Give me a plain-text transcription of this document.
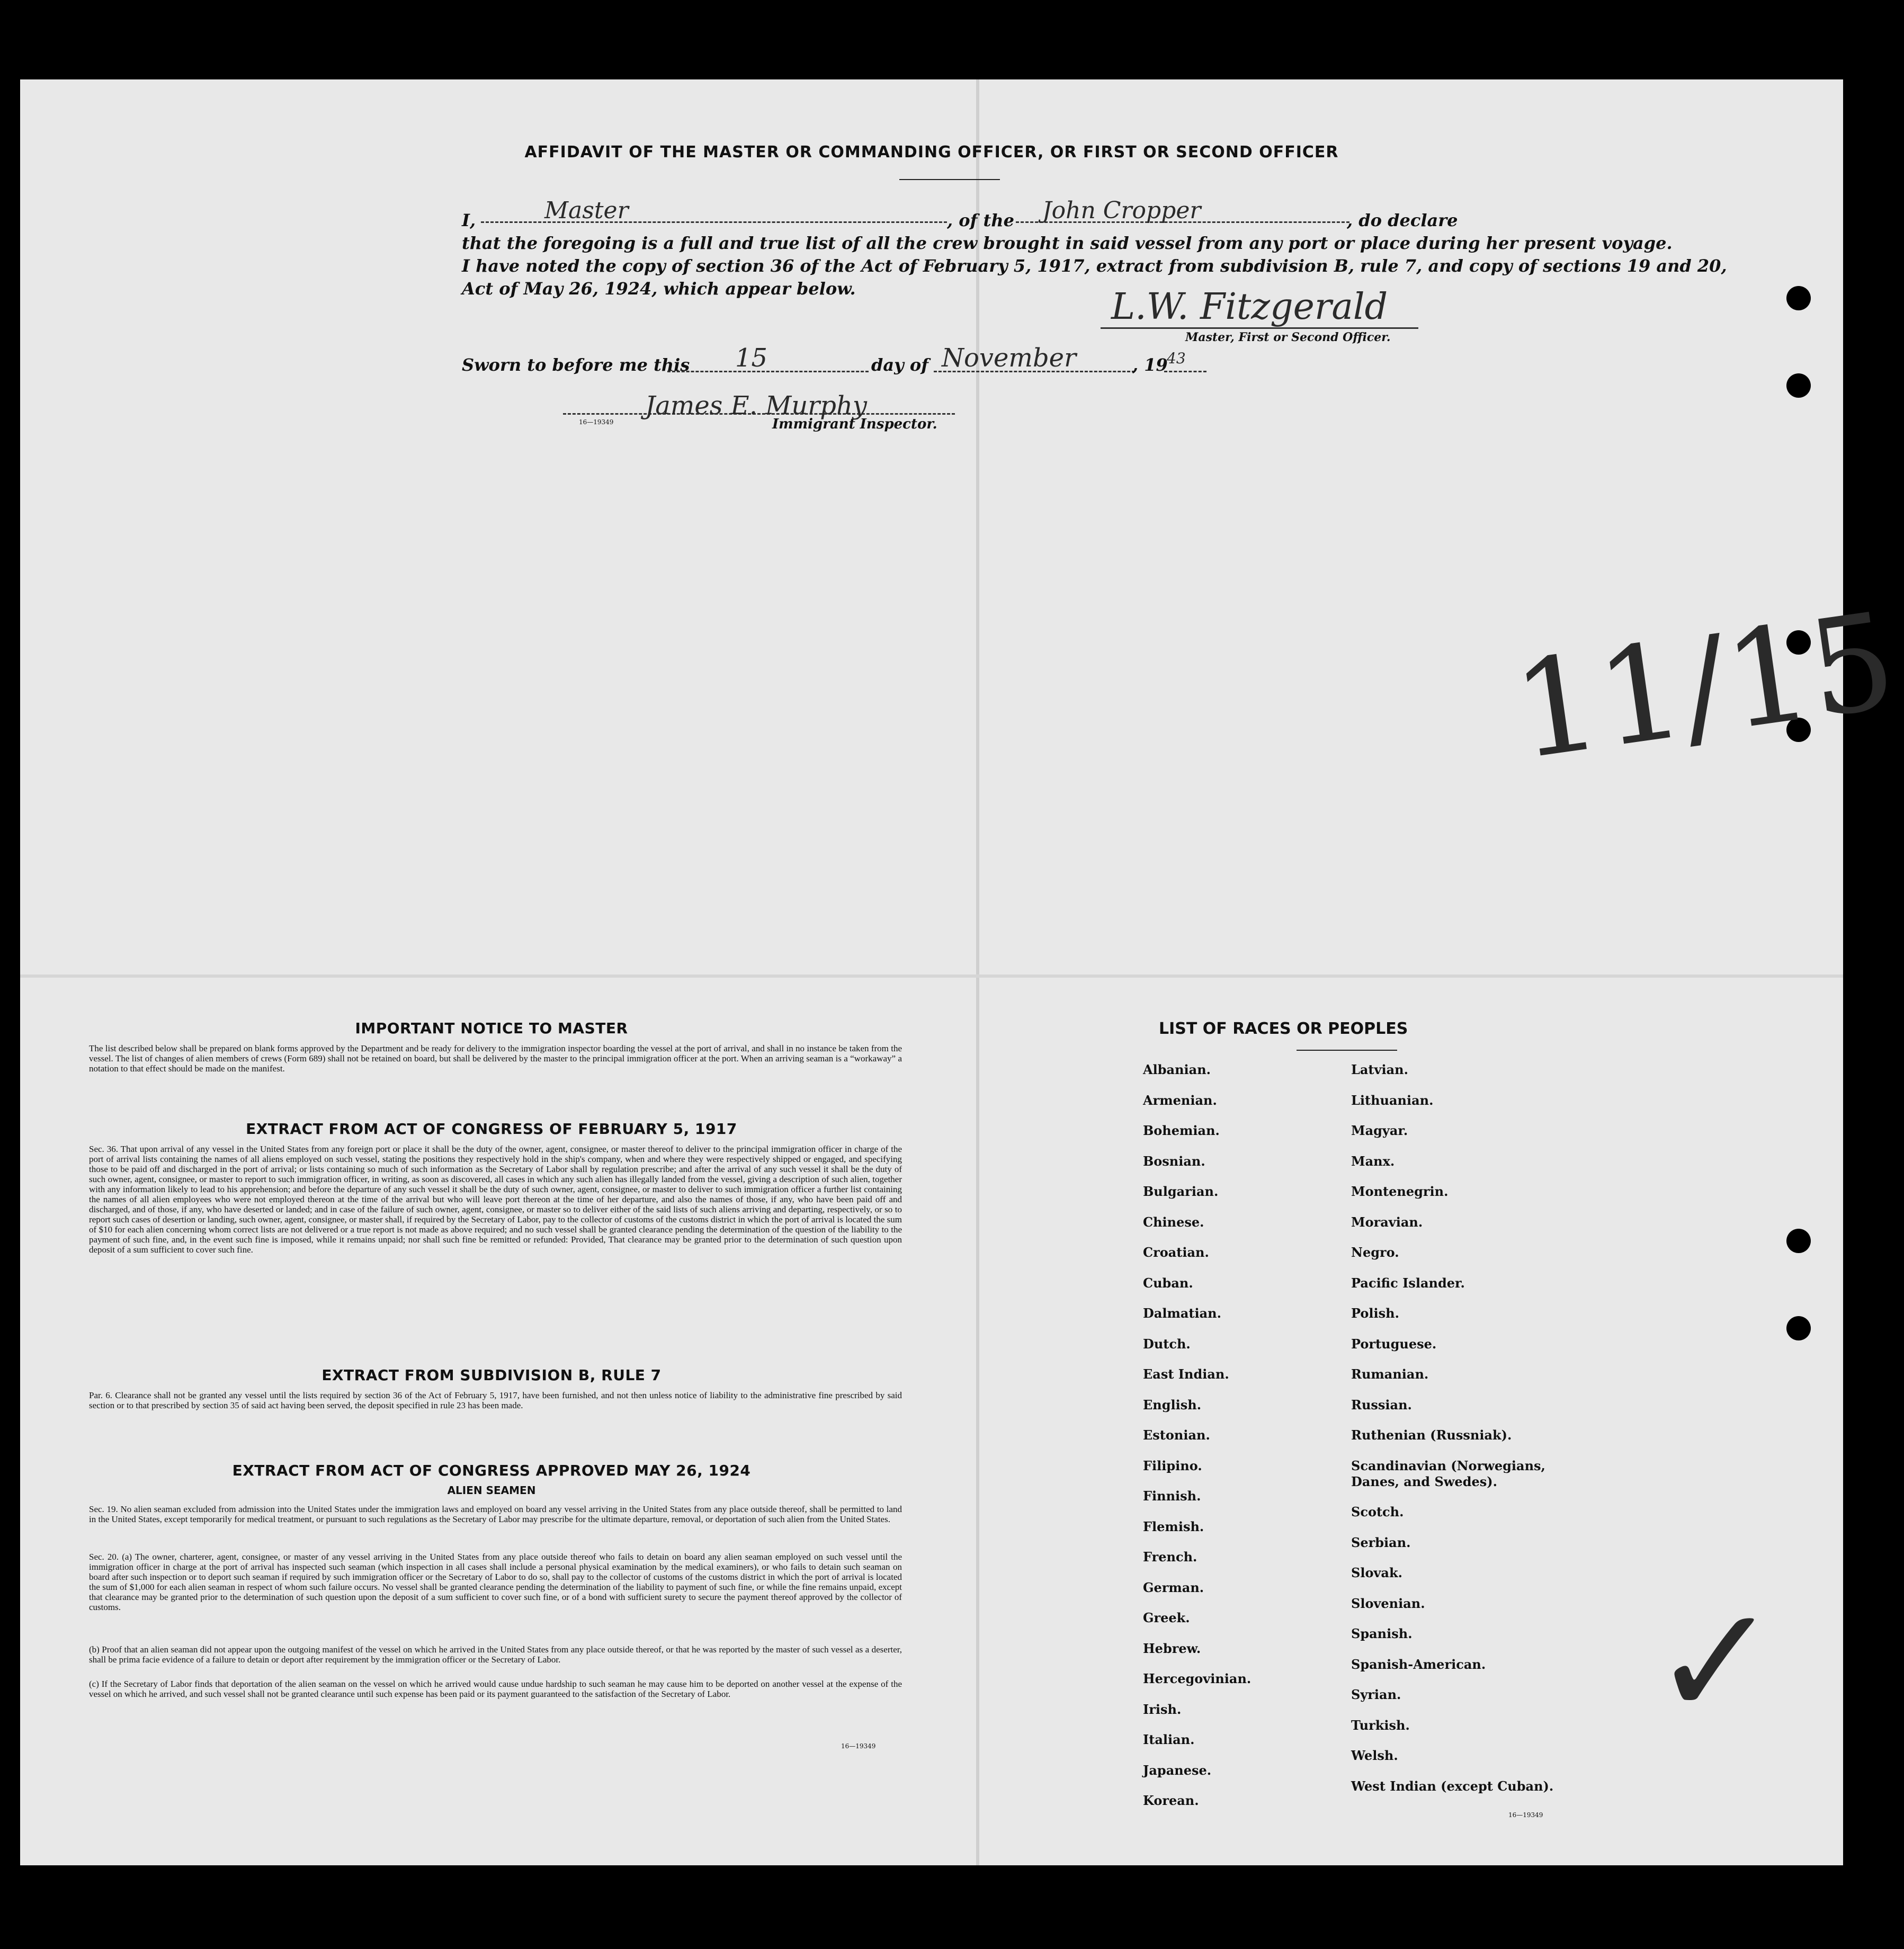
AFFIDAVIT OF THE MASTER OR COMMANDING OFFICER, OR FIRST OR SECOND OFFICER
I,	Master	, of the John Cropper	, do declare
that the foregoing is a full and true list of all the crew brought in said vessel from any port or place during her present voyage.
I have noted the copy of section 36 of the Act of February 5, 1917, extract from subdivision B, rule 7, and copy of sections 19 and 20,
Act of May 26, 1924, which appear below.	L.W. Fitzgerald
Master, First or Second Officer.
Sworn to before me this 15	day of November	, 19
43
James E. Murphy
16—19349	Immigrant Inspector.
11/15
IMPORTANT NOTICE TO MASTER
The list described below shall be prepared on blank forms approved by the Department and be ready for delivery to the immigration inspector boarding the vessel at the port of arrival, and shall in no instance be taken from the vessel. The list of changes of alien members of crews (Form 689) shall not be retained on board, but shall be delivered by the master to the principal immigration officer at the port. When an arriving seaman is a “workaway” a notation to that effect should be made on the manifest.
EXTRACT FROM ACT OF CONGRESS OF FEBRUARY 5, 1917
Sec. 36. That upon arrival of any vessel in the United States from any foreign port or place it shall be the duty of the owner, agent, consignee, or master thereof to deliver to the principal immigration officer in charge of the port of arrival lists containing the names of all aliens employed on such vessel, stating the positions they respectively hold in the ship's company, when and where they were respectively shipped or engaged, and specifying those to be paid off and discharged in the port of arrival; or lists containing so much of such information as the Secretary of Labor shall by regulation prescribe; and after the arrival of any such vessel it shall be the duty of such owner, agent, consignee, or master to report to such immigration officer, in writing, as soon as discovered, all cases in which any such alien has illegally landed from the vessel, giving a description of such alien, together with any information likely to lead to his apprehension; and before the departure of any such vessel it shall be the duty of such owner, agent, consignee, or master to deliver to such immigration officer a further list containing the names of all alien employees who were not employed thereon at the time of the arrival but who will leave port thereon at the time of her departure, and also the names of those, if any, who have been paid off and discharged, and of those, if any, who have deserted or landed; and in case of the failure of such owner, agent, consignee, or master so to deliver either of the said lists of such aliens arriving and departing, respectively, or so to report such cases of desertion or landing, such owner, agent, consignee, or master shall, if required by the Secretary of Labor, pay to the collector of customs of the customs district in which the port of arrival is located the sum of $10 for each alien concerning whom correct lists are not delivered or a true report is not made as above required; and no such vessel shall be granted clearance pending the determination of the question of the liability to the payment of such fine, and, in the event such fine is imposed, while it remains unpaid; nor shall such fine be remitted or refunded: Provided, That clearance may be granted prior to the determination of such question upon deposit of a sum sufficient to cover such fine.
EXTRACT FROM SUBDIVISION B, RULE 7
Par. 6. Clearance shall not be granted any vessel until the lists required by section 36 of the Act of February 5, 1917, have been furnished, and not then unless notice of liability to the administrative fine prescribed by said section or to that prescribed by section 35 of said act having been served, the deposit specified in rule 23 has been made.
EXTRACT FROM ACT OF CONGRESS APPROVED MAY 26, 1924
ALIEN SEAMEN
Sec. 19. No alien seaman excluded from admission into the United States under the immigration laws and employed on board any vessel arriving in the United States from any place outside thereof, shall be permitted to land in the United States, except temporarily for medical treatment, or pursuant to such regulations as the Secretary of Labor may prescribe for the ultimate departure, removal, or deportation of such alien from the United States.
Sec. 20. (a) The owner, charterer, agent, consignee, or master of any vessel arriving in the United States from any place outside thereof who fails to detain on board any alien seaman employed on such vessel until the immigration officer in charge at the port of arrival has inspected such seaman (which inspection in all cases shall include a personal physical examination by the medical examiners), or who fails to detain such seaman on board after such inspection or to deport such seaman if required by such immigration officer or the Secretary of Labor to do so, shall pay to the collector of customs of the customs district in which the port of arrival is located the sum of $1,000 for each alien seaman in respect of whom such failure occurs. No vessel shall be granted clearance pending the determination of the liability to payment of such fine, or while the fine remains unpaid, except that clearance may be granted prior to the determination of such question upon the deposit of a sum sufficient to cover such fine, or of a bond with sufficient surety to secure the payment thereof approved by the collector of customs.
(b) Proof that an alien seaman did not appear upon the outgoing manifest of the vessel on which he arrived in the United States from any place outside thereof, or that he was reported by the master of such vessel as a deserter, shall be prima facie evidence of a failure to detain or deport after requirement by the immigration officer or the Secretary of Labor.
(c) If the Secretary of Labor finds that deportation of the alien seaman on the vessel on which he arrived would cause undue hardship to such seaman he may cause him to be deported on another vessel at the expense of the vessel on which he arrived, and such vessel shall not be granted clearance until such expense has been paid or its payment guaranteed to the satisfaction of the Secretary of Labor.
16—19349
LIST OF RACES OR PEOPLES
Albanian.
Armenian.
Bohemian.
Bosnian.
Bulgarian.
Chinese.
Croatian.
Cuban.
Dalmatian.
Dutch.
East Indian.
English.
Estonian.
Filipino.
Finnish.
Flemish.
French.
German.
Greek.
Hebrew.
Hercegovinian.
Irish.
Italian.
Japanese.
Korean.
Latvian.
Lithuanian.
Magyar.
Manx.
Montenegrin.
Moravian.
Negro.
Pacific Islander.
Polish.
Portuguese.
Rumanian.
Russian.
Ruthenian (Russniak).
Scandinavian (Norwegians,
Danes, and Swedes).
Scotch.
Serbian.
Slovak.
Slovenian.
Spanish.
Spanish-American.
Syrian.
Turkish.
Welsh.
West Indian (except Cuban).
16—19349
✓
